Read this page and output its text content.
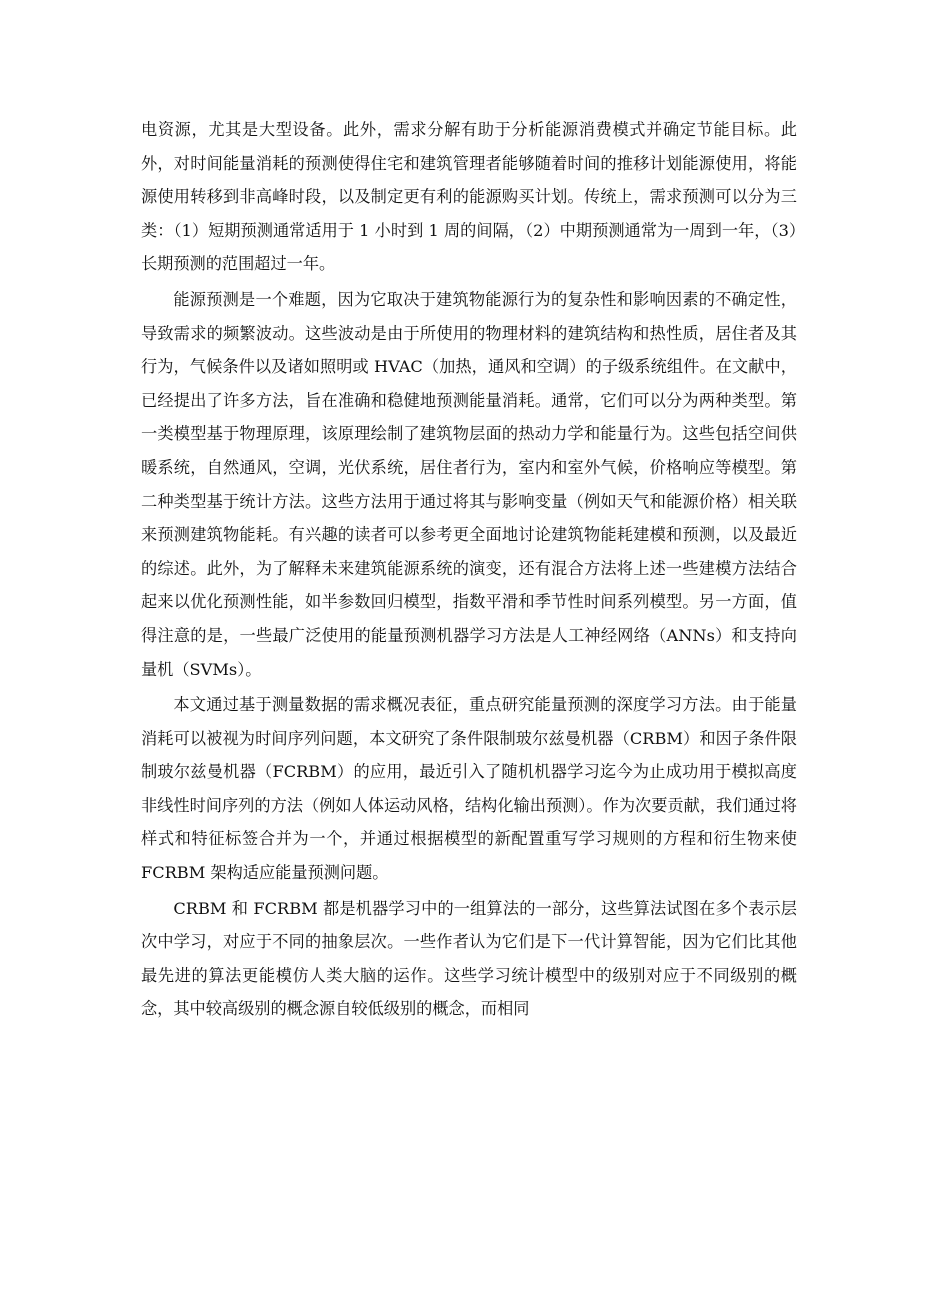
电资源，尤其是大型设备。此外，需求分解有助于分析能源消费模式并确定节能目标。此外，对时间能量消耗的预测使得住宅和建筑管理者能够随着时间的推移计划能源使用，将能源使用转移到非高峰时段，以及制定更有利的能源购买计划。传统上，需求预测可以分为三类：（1）短期预测通常适用于 1 小时到 1 周的间隔，（2）中期预测通常为一周到一年，（3）长期预测的范围超过一年。

能源预测是一个难题，因为它取决于建筑物能源行为的复杂性和影响因素的不确定性，导致需求的频繁波动。这些波动是由于所使用的物理材料的建筑结构和热性质，居住者及其行为，气候条件以及诸如照明或 HVAC（加热，通风和空调）的子级系统组件。在文献中，已经提出了许多方法，旨在准确和稳健地预测能量消耗。通常，它们可以分为两种类型。第一类模型基于物理原理，该原理绘制了建筑物层面的热动力学和能量行为。这些包括空间供暖系统，自然通风，空调，光伏系统，居住者行为，室内和室外气候，价格响应等模型。第二种类型基于统计方法。这些方法用于通过将其与影响变量（例如天气和能源价格）相关联来预测建筑物能耗。有兴趣的读者可以参考更全面地讨论建筑物能耗建模和预测，以及最近的综述。此外，为了解释未来建筑能源系统的演变，还有混合方法将上述一些建模方法结合起来以优化预测性能，如半参数回归模型，指数平滑和季节性时间系列模型。另一方面，值得注意的是，一些最广泛使用的能量预测机器学习方法是人工神经网络（ANNs）和支持向量机（SVMs）。

本文通过基于测量数据的需求概况表征，重点研究能量预测的深度学习方法。由于能量消耗可以被视为时间序列问题，本文研究了条件限制玻尔兹曼机器（CRBM）和因子条件限制玻尔兹曼机器（FCRBM）的应用，最近引入了随机机器学习迄今为止成功用于模拟高度非线性时间序列的方法（例如人体运动风格，结构化输出预测）。作为次要贡献，我们通过将样式和特征标签合并为一个，并通过根据模型的新配置重写学习规则的方程和衍生物来使 FCRBM 架构适应能量预测问题。

CRBM 和 FCRBM 都是机器学习中的一组算法的一部分，这些算法试图在多个表示层次中学习，对应于不同的抽象层次。一些作者认为它们是下一代计算智能，因为它们比其他最先进的算法更能模仿人类大脑的运作。这些学习统计模型中的级别对应于不同级别的概念，其中较高级别的概念源自较低级别的概念，而相同
